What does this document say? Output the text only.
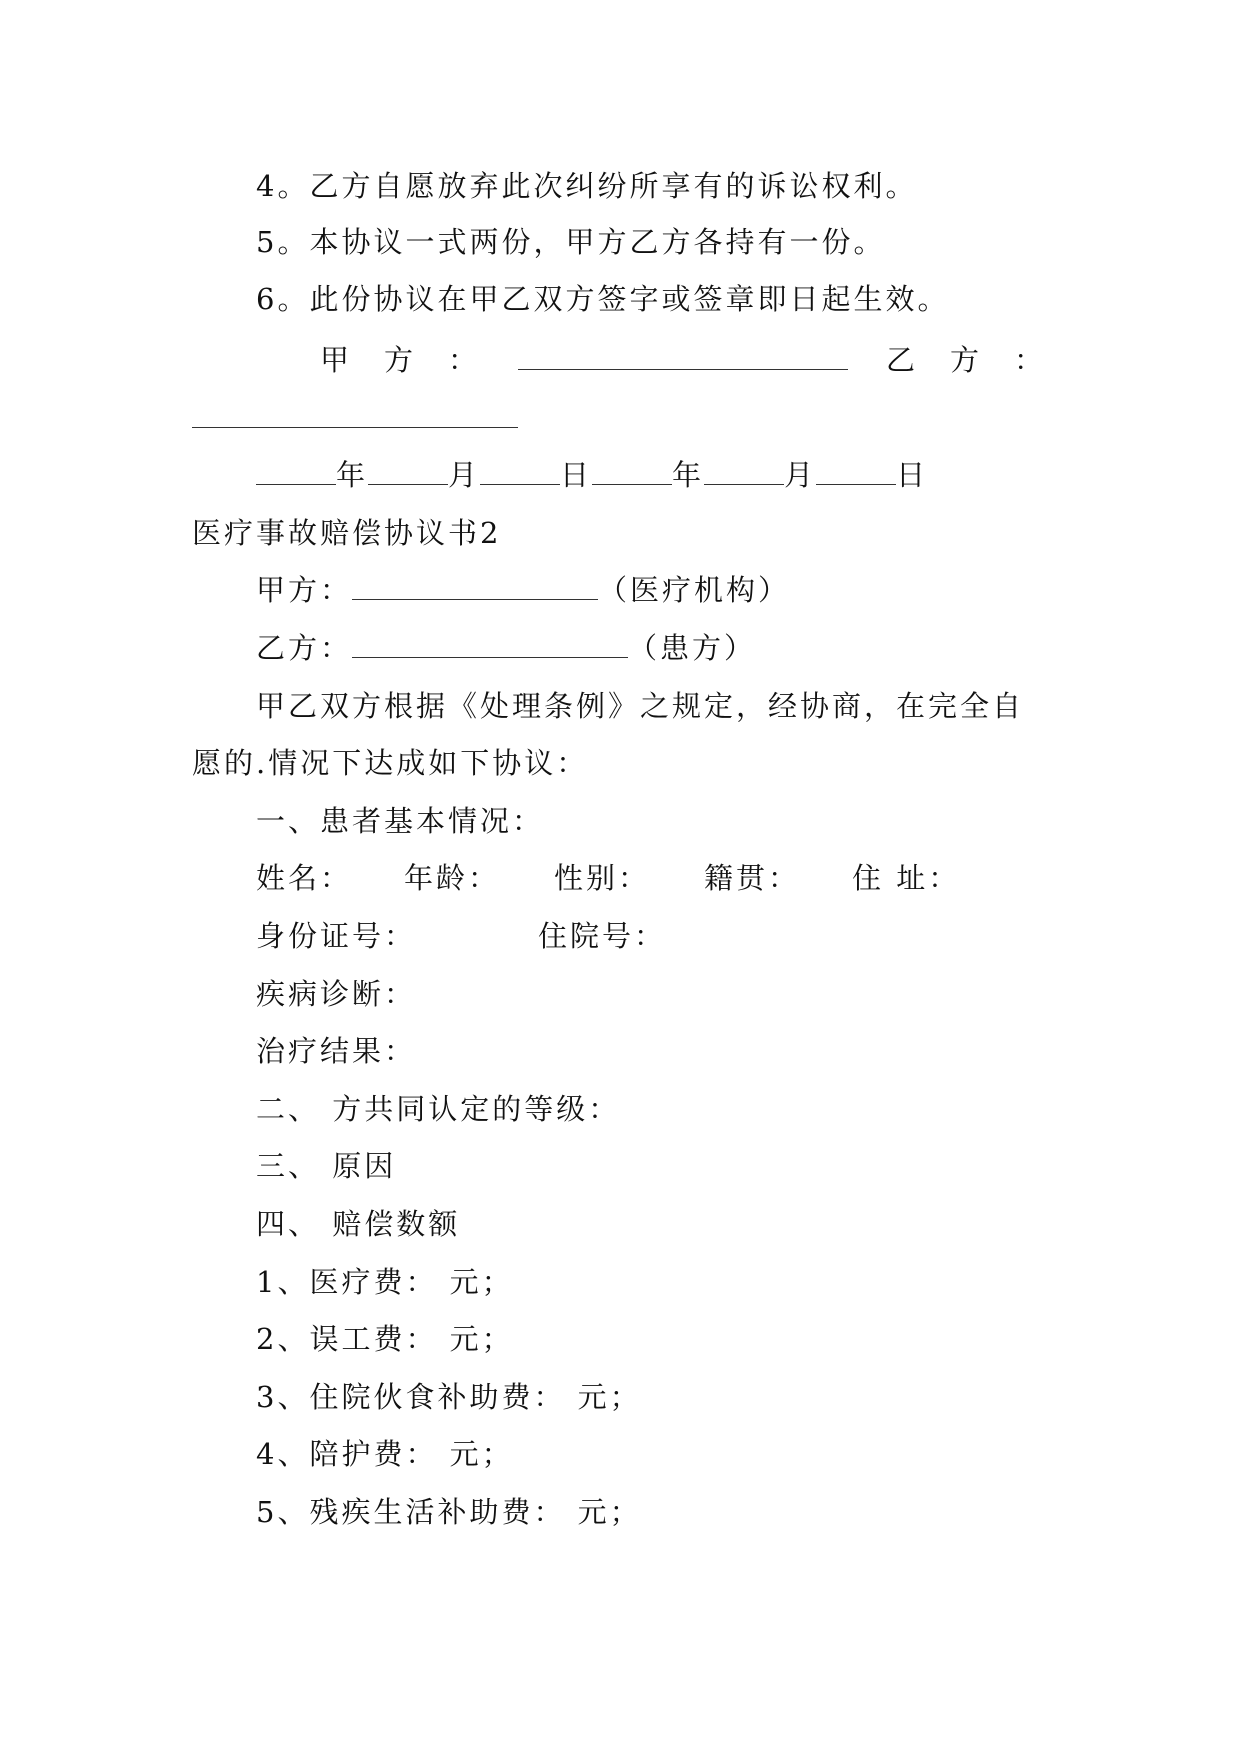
4。乙方自愿放弃此次纠纷所享有的诉讼权利。
5。本协议一式两份，甲方乙方各持有一份。
6。此份协议在甲乙双方签字或签章即日起生效。
甲　方　：	乙　方　：
年	月	日	年	月	日
医疗事故赔偿协议书2
甲方：	（医疗机构）
乙方：	（患方）
甲乙双方根据《处理条例》之规定，经协商，在完全自
愿的.情况下达成如下协议：
一、患者基本情况：
姓名： 年龄： 性别： 籍贯： 住 址：
身份证号：	住院号：
疾病诊断：
治疗结果：
二、 方共同认定的等级：
三、 原因
四、 赔偿数额
1、医疗费： 元；
2、误工费： 元；
3、住院伙食补助费： 元；
4、陪护费： 元；
5、残疾生活补助费： 元；
